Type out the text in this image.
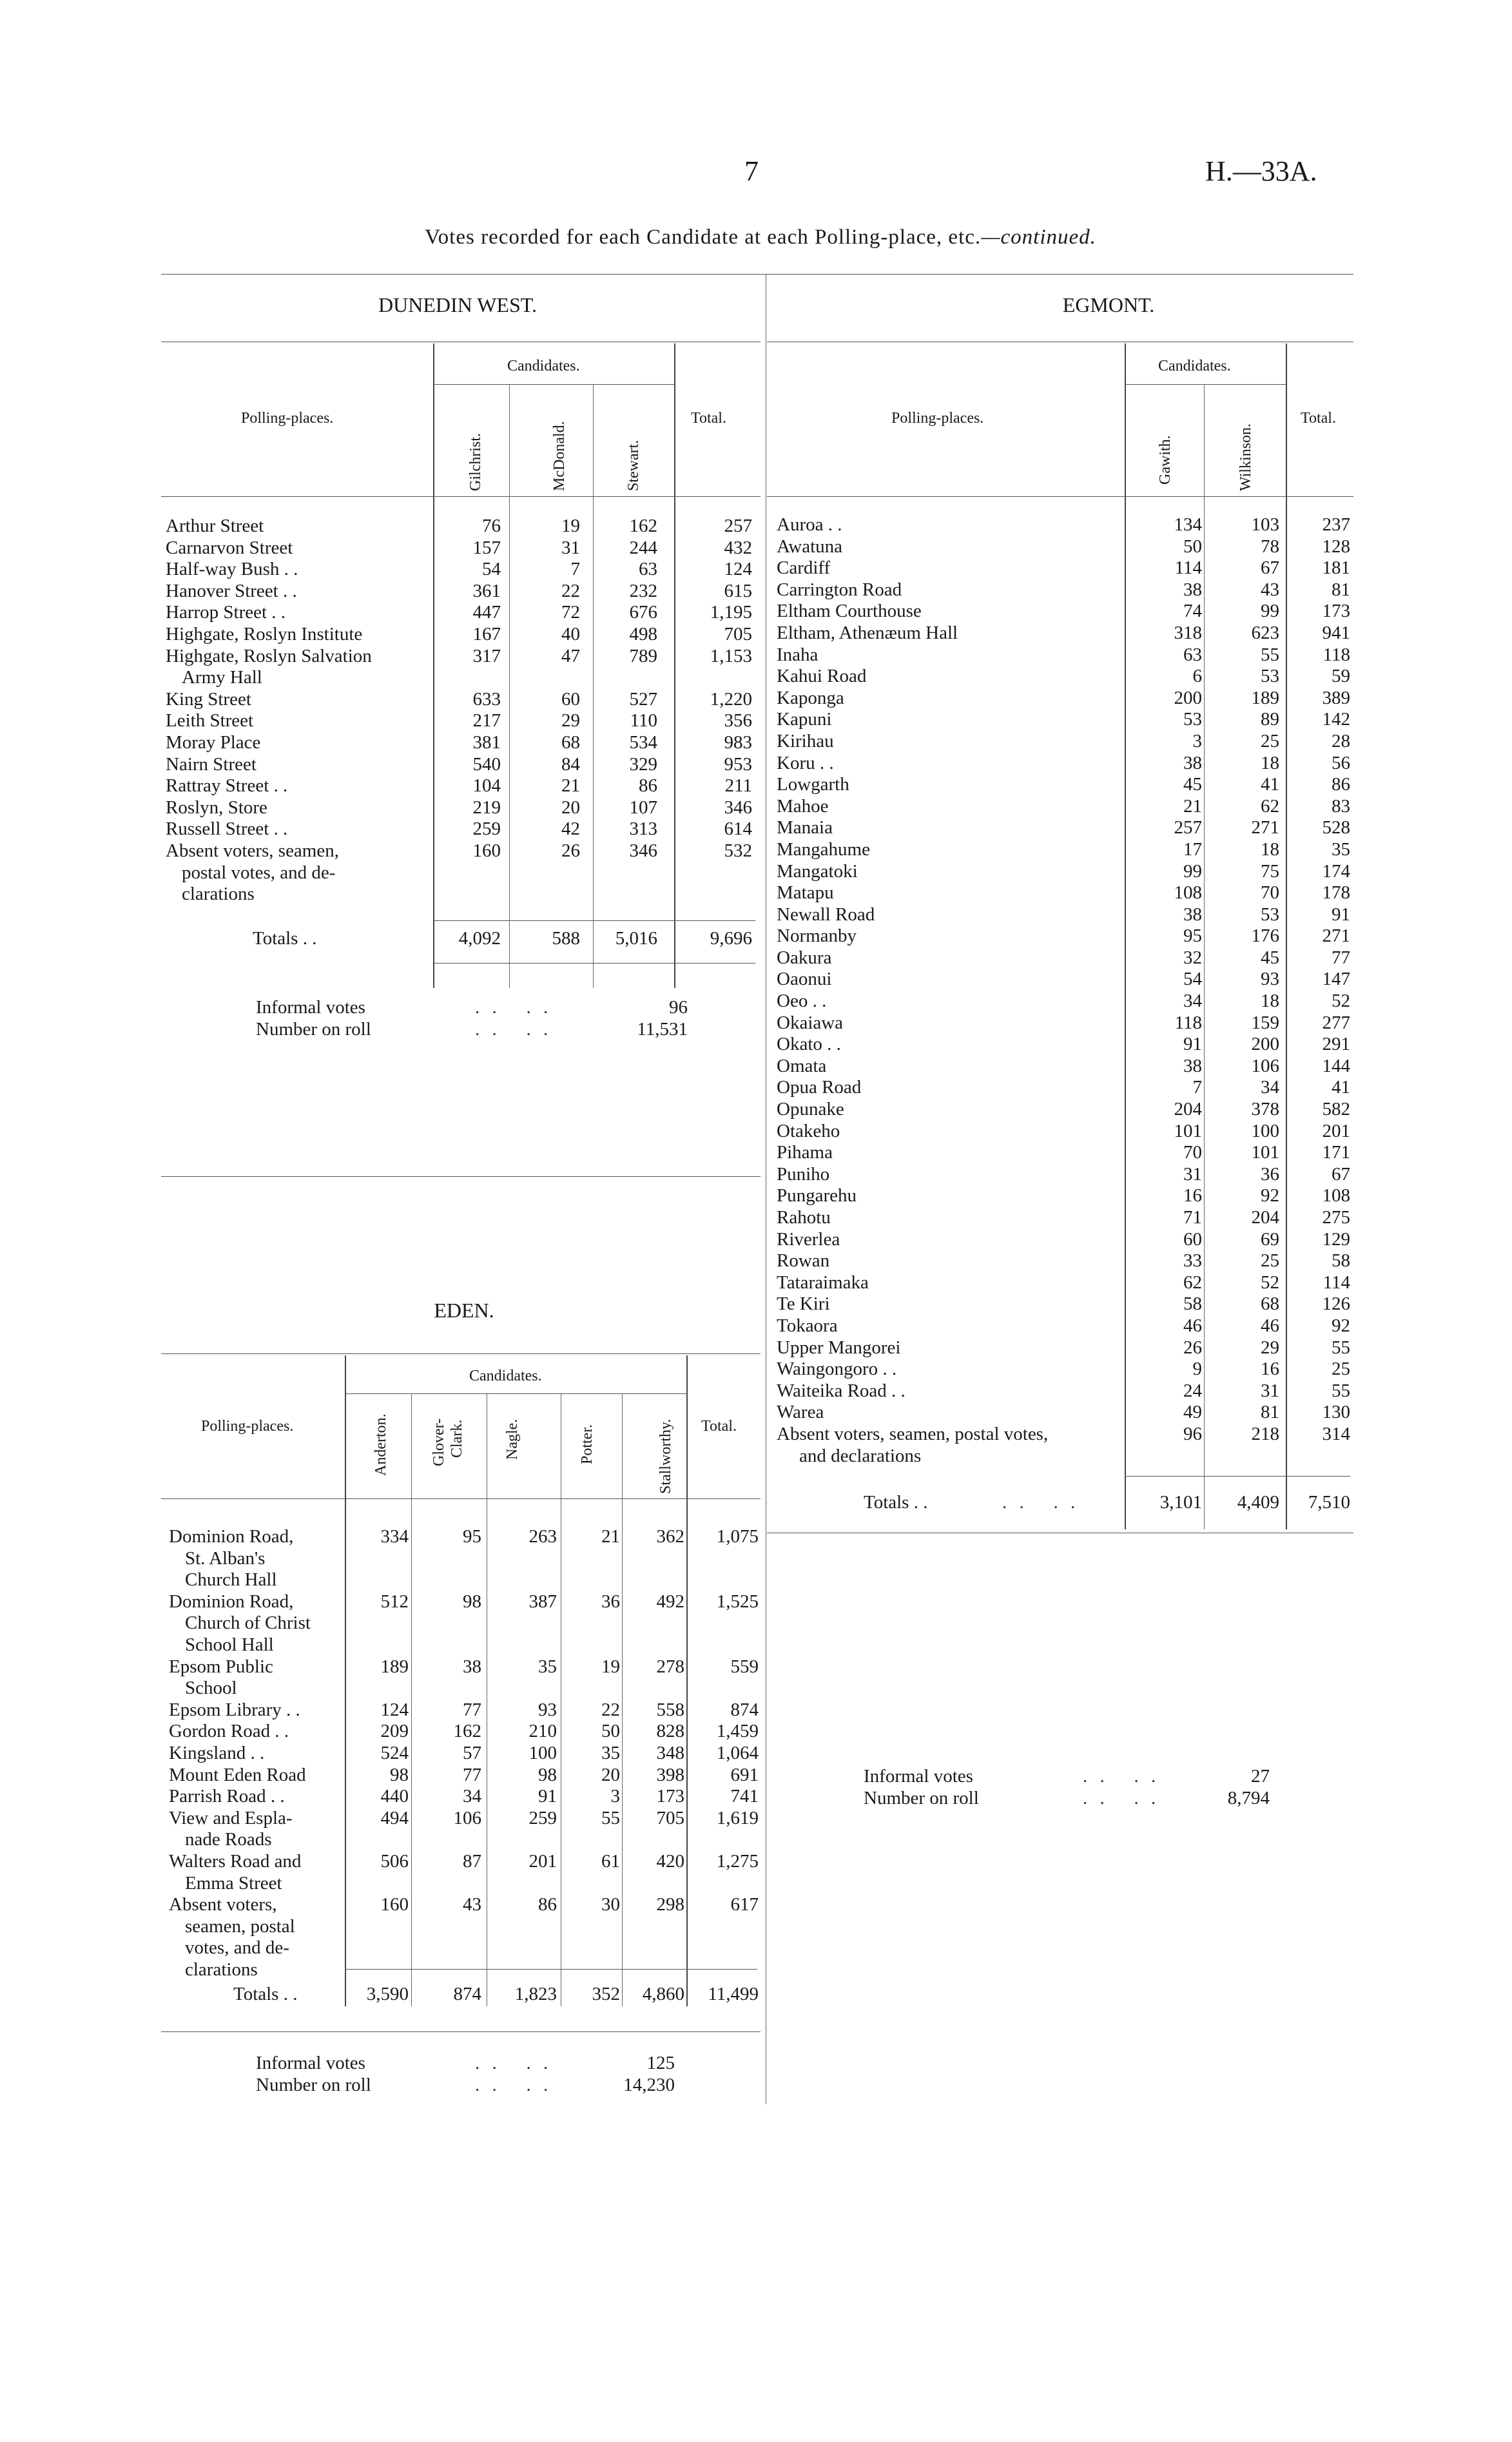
7	H.—33A.
Votes recorded for each Candidate at each Polling-place, etc.—continued.
DUNEDIN WEST.
Polling-places.
Candidates.
Total.
Gilchrist.	McDonald.	Stewart.
Arthur Street	76	19	162	257
Carnarvon Street	157	31	244	432
Half-way Bush . .	54	7	63	124
Hanover Street . .	361	22	232	615
Harrop Street . .	447	72	676	1,195
Highgate, Roslyn Institute	167	40	498	705
Highgate, Roslyn Salvation	317	47	789	1,153
Army Hall
King Street	633	60	527	1,220
Leith Street	217	29	110	356
Moray Place	381	68	534	983
Nairn Street	540	84	329	953
Rattray Street . .	104	21	86	211
Roslyn, Store	219	20	107	346
Russell Street . .	259	42	313	614
Absent voters, seamen,	160	26	346	532
postal votes, and de-
clarations
Totals . .	4,092	588	5,016	9,696
Informal votes	. .   . .	96
Number on roll	. .   . .	11,531
EGMONT.
Polling-places.
Candidates.
Total.
Gawith.	Wilkinson.
Auroa . .	134	103	237
Awatuna	50	78	128
Cardiff	114	67	181
Carrington Road	38	43	81
Eltham Courthouse	74	99	173
Eltham, Athenæum Hall	318	623	941
Inaha	63	55	118
Kahui Road	6	53	59
Kaponga	200	189	389
Kapuni	53	89	142
Kirihau	3	25	28
Koru . .	38	18	56
Lowgarth	45	41	86
Mahoe	21	62	83
Manaia	257	271	528
Mangahume	17	18	35
Mangatoki	99	75	174
Matapu	108	70	178
Newall Road	38	53	91
Normanby	95	176	271
Oakura	32	45	77
Oaonui	54	93	147
Oeo . .	34	18	52
Okaiawa	118	159	277
Okato . .	91	200	291
Omata	38	106	144
Opua Road	7	34	41
Opunake	204	378	582
Otakeho	101	100	201
Pihama	70	101	171
Puniho	31	36	67
Pungarehu	16	92	108
Rahotu	71	204	275
Riverlea	60	69	129
Rowan	33	25	58
Tataraimaka	62	52	114
Te Kiri	58	68	126
Tokaora	46	46	92
Upper Mangorei	26	29	55
Waingongoro . .	9	16	25
Waiteika Road . .	24	31	55
Warea	49	81	130
Absent voters, seamen, postal votes,	96	218	314
and declarations
Totals . .	. .   . .	3,101	4,409	7,510
Informal votes	. .   . .	27
Number on roll	. .   . .	8,794
EDEN.
Polling-places.
Candidates.
Total.
Anderton.	Glover- Clark.	Nagle.	Potter.	Stallworthy.
Dominion Road,
St. Alban's
Church Hall
334	95	263	21	362	1,075
Dominion Road,
Church of Christ
School Hall
512	98	387	36	492	1,525
Epsom Public
School
189	38	35	19	278	559
Epsom Library . .	124	77	93	22	558	874
Gordon Road . .	209	162	210	50	828	1,459
Kingsland . .	524	57	100	35	348	1,064
Mount Eden Road	98	77	98	20	398	691
Parrish Road . .	440	34	91	3	173	741
View and Espla-
nade Roads
494	106	259	55	705	1,619
Walters Road and
Emma Street
506	87	201	61	420	1,275
Absent voters,
seamen, postal
votes, and de-
clarations
160	43	86	30	298	617
Totals . .	3,590	874	1,823	352	4,860	11,499
Informal votes	. .   . .	125
Number on roll	. .   . .	14,230
